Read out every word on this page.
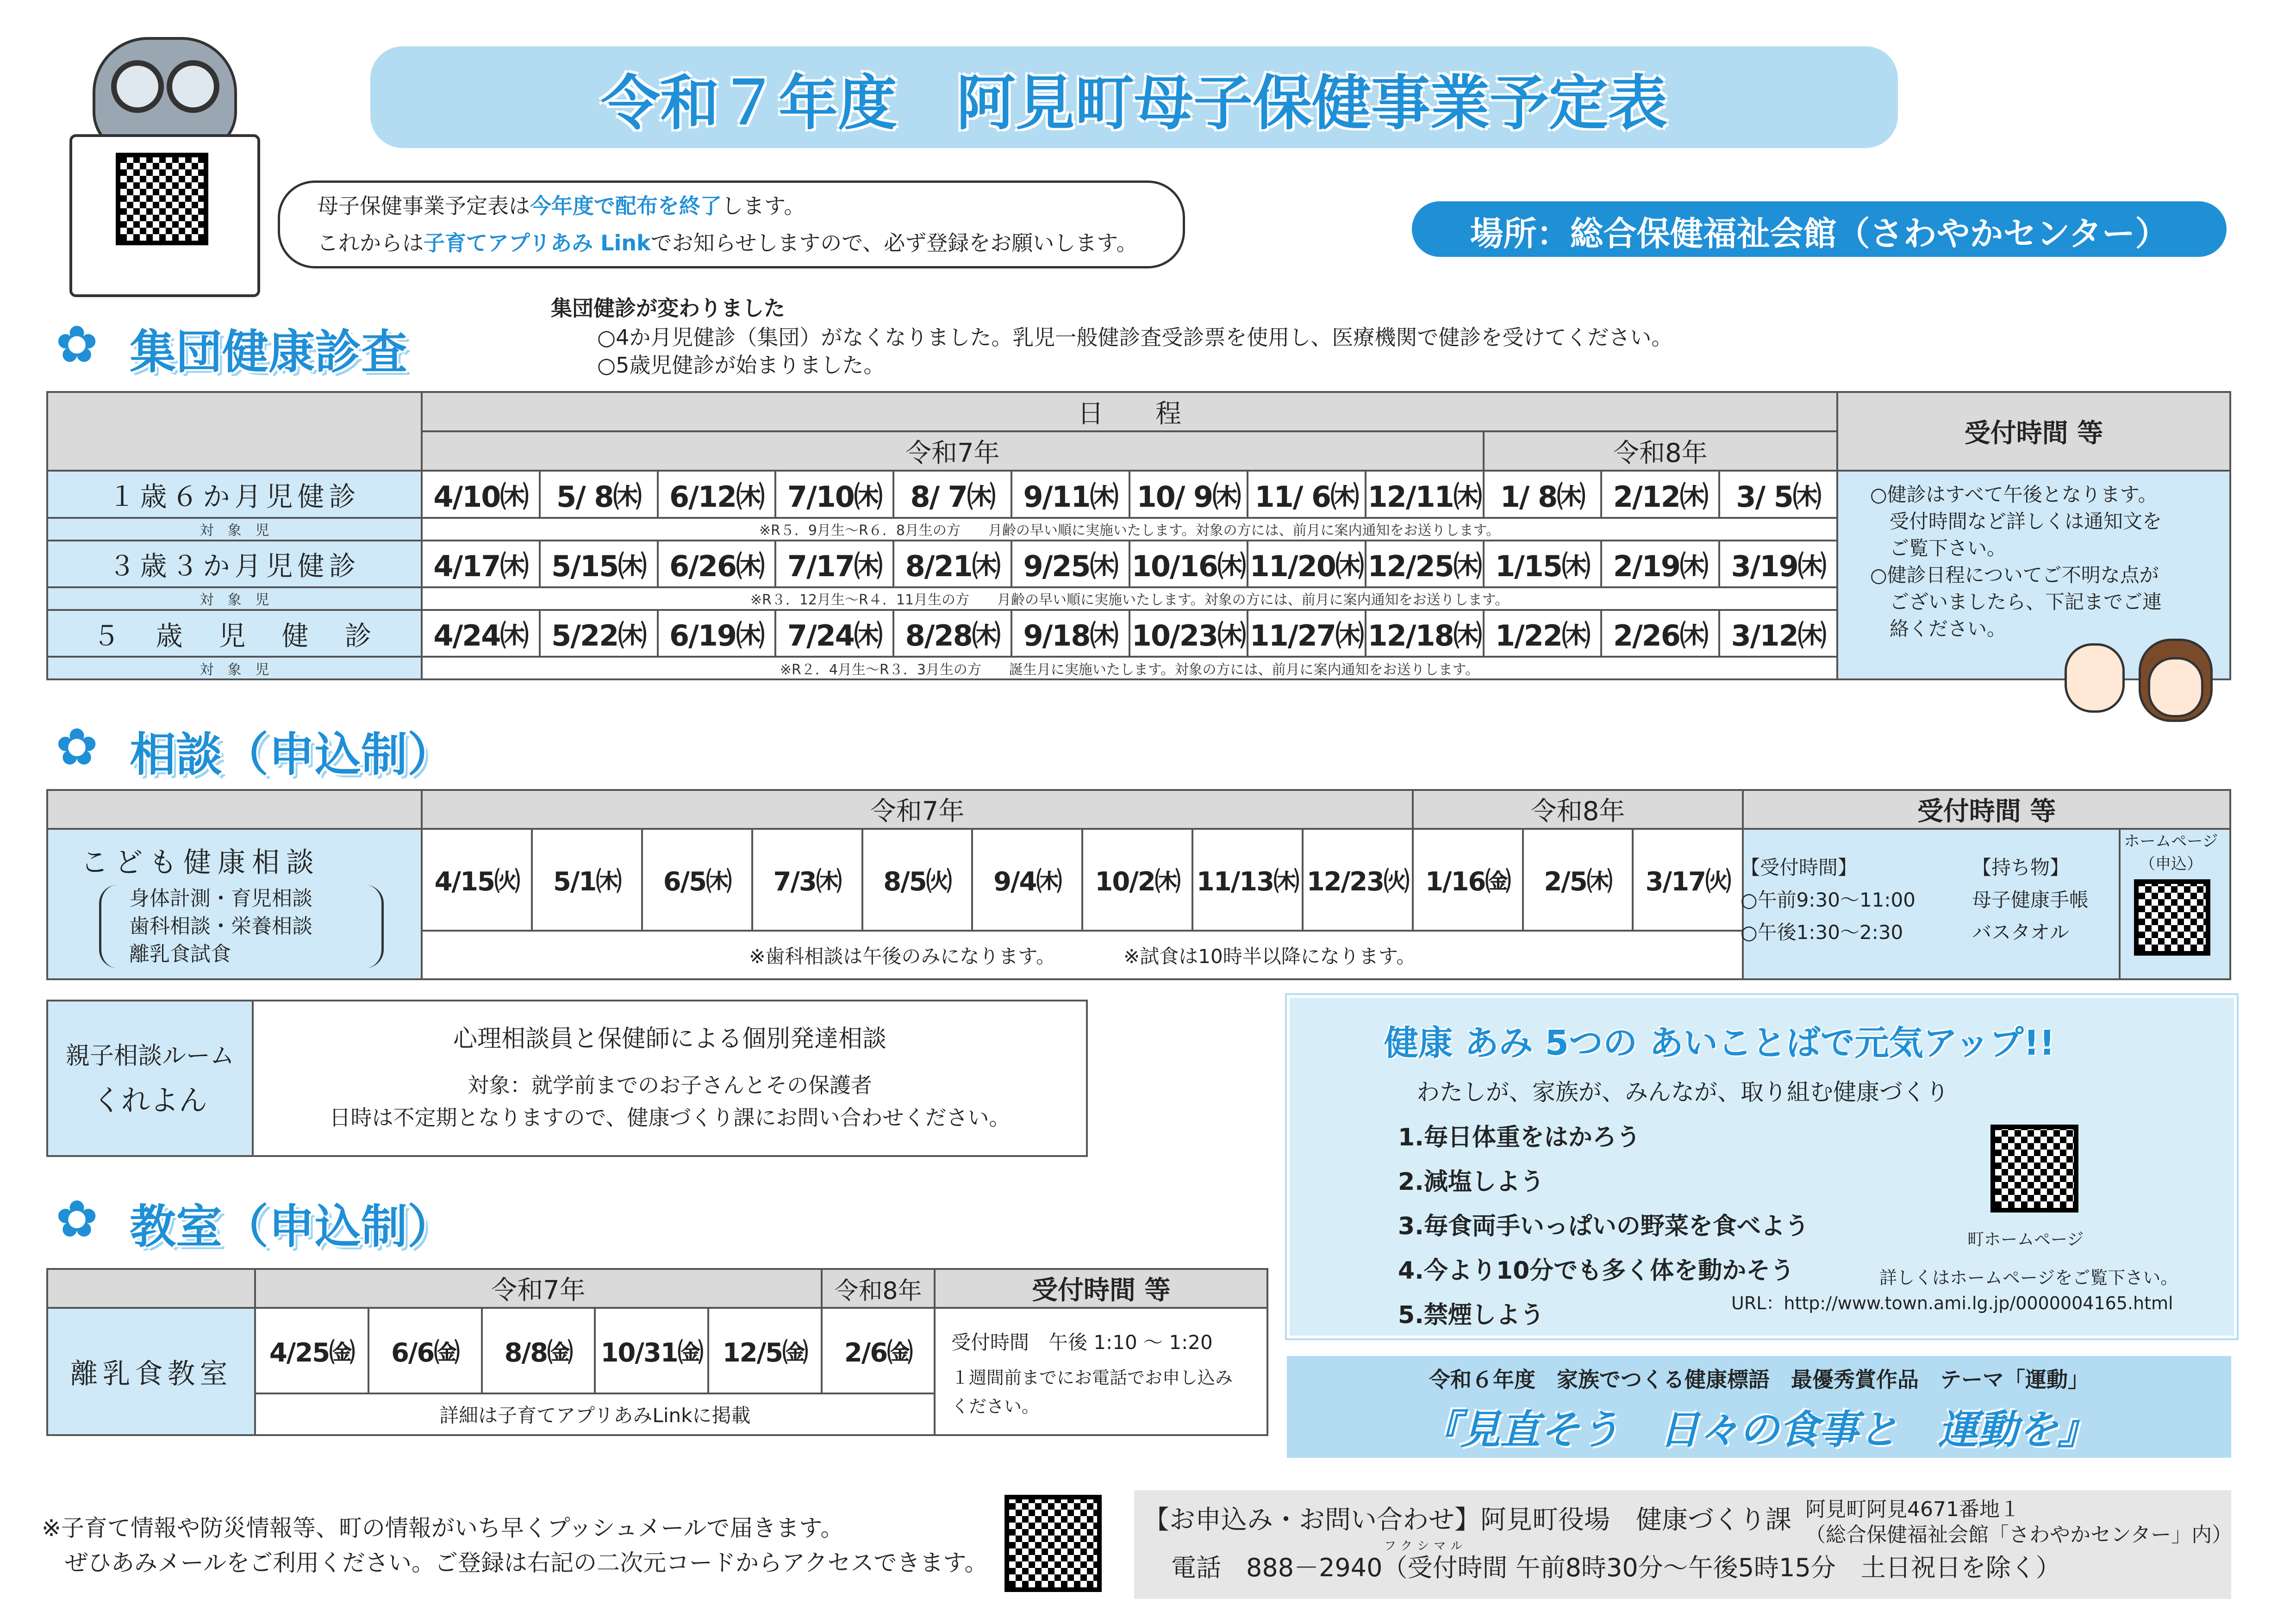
令和７年度　阿見町母子保健事業予定表
母子保健事業予定表は今年度で配布を終了します。
これからは子育てアプリあみ Linkでお知らせしますので、必ず登録をお願いします。	場所：総合保健福祉会館（さわやかセンター）
✿ 集団健康診査
集団健診が変わりました
○4か月児健診（集団）がなくなりました。乳児一般健診査受診票を使用し、医療機関で健診を受けてください。
○5歳児健診が始まりました。
	日　　程												受付時間 等
	令和7年									令和8年			
１歳６か月児健診	4/10㈭	5/ 8㈭	6/12㈭	7/10㈭	8/ 7㈭	9/11㈭	10/ 9㈭	11/ 6㈭	12/11㈭	1/ 8㈭	2/12㈭	3/ 5㈭	
対　象　児	※R５．9月生～R６．8月生の方　　月齢の早い順に実施いたします。対象の方には、前月に案内通知をお送りします。												
３歳３か月児健診	4/17㈭	5/15㈭	6/26㈭	7/17㈭	8/21㈭	9/25㈭	10/16㈭	11/20㈭	12/25㈭	1/15㈭	2/19㈭	3/19㈭	
対　象　児	※R３．12月生～R４．11月生の方　　月齢の早い順に実施いたします。対象の方には、前月に案内通知をお送りします。												
５　歳　児　健　診	4/24㈭	5/22㈭	6/19㈭	7/24㈭	8/28㈭	9/18㈭	10/23㈭	11/27㈭	12/18㈭	1/22㈭	2/26㈭	3/12㈭	
対　象　児	※R２．4月生～R３．3月生の方　　誕生月に実施いたします。対象の方には、前月に案内通知をお送りします。												
○健診はすべて午後となります。
　受付時間など詳しくは通知文を
　ご覧下さい。
○健診日程についてご不明な点が
　ございましたら、下記までご連
　絡ください。
✿ 相談（申込制）
	令和7年									令和8年			受付時間 等	

こども健康相談
身体計測・育児相談
歯科相談・栄養相談
離乳食試食	4/15㈫	5/1㈭	6/5㈭	7/3㈭	8/5㈫	9/4㈭	10/2㈭	11/13㈭	12/23㈫	1/16㈮	2/5㈭	3/17㈫		
	※歯科相談は午後のみになります。　　　　 ※試食は10時半以降になります。													
【受付時間】
○午前9:30～11:00
○午後1:30～2:30
【持ち物】
母子健康手帳
バスタオル
ホームページ（申込）
親子相談ルーム
くれよん

心理相談員と保健師による個別発達相談
対象：就学前までのお子さんとその保護者
日時は不定期となりますので、健康づくり課にお問い合わせください。
✿ 教室（申込制）
	令和7年					令和8年	受付時間 等
離乳食教室	4/25㈮	6/6㈮	8/8㈮	10/31㈮	12/5㈮	2/6㈮	
	詳細は子育てアプリあみLinkに掲載						
受付時間　午後 1:10 ～ 1:20
１週間前までにお電話でお申し込み
ください。
健康 あみ 5つの あいことばで元気アップ!!
わたしが、家族が、みんなが、取り組む健康づくり
1.毎日体重をはかろう
2.減塩しよう
3.毎食両手いっぱいの野菜を食べよう
4.今より10分でも多く体を動かそう
5.禁煙しよう
町ホームページ
詳しくはホームページをご覧下さい。
URL：http://www.town.ami.lg.jp/0000004165.html
令和６年度　家族でつくる健康標語　最優秀賞作品　テーマ「運動」
『見直そう　日々の食事と　運動を』
※子育て情報や防災情報等、町の情報がいち早くプッシュメールで届きます。
ぜひあみメールをご利用ください。ご登録は右記の二次元コードからアクセスできます。
【お申込み・お問い合わせ】阿見町役場　健康づくり課 阿見町阿見4671番地１
（総合保健福祉会館「さわやかセンター」内）
フクシマル
電話　888－2940（受付時間 午前8時30分～午後5時15分　土日祝日を除く）
